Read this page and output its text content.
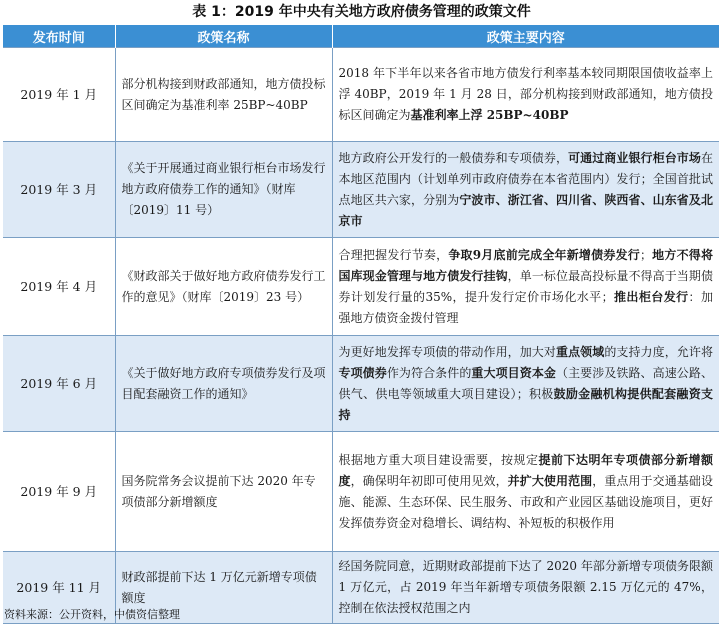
表 1：2019 年中央有关地方政府债务管理的政策文件
发布时间	政策名称	政策主要内容
2019 年 1 月	部分机构接到财政部通知，地方债投标区间确定为基准利率 25BP~40BP	2018 年下半年以来各省市地方债发行利率基本较同期限国债收益率上浮 40BP，2019 年 1 月 28 日，部分机构接到财政部通知，地方债投标区间确定为基准利率上浮 25BP~40BP
2019 年 3 月	《关于开展通过商业银行柜台市场发行地方政府债券工作的通知》（财库〔2019〕11 号）	地方政府公开发行的一般债券和专项债券，可通过商业银行柜台市场在本地区范围内（计划单列市政府债券在本省范围内）发行；全国首批试点地区共六家，分别为宁波市、浙江省、四川省、陕西省、山东省及北京市
2019 年 4 月	《财政部关于做好地方政府债券发行工作的意见》（财库〔2019〕23 号）	合理把握发行节奏，争取9月底前完成全年新增债券发行；地方不得将国库现金管理与地方债发行挂钩，单一标位最高投标量不得高于当期债券计划发行量的35%，提升发行定价市场化水平；推出柜台发行：加强地方债资金拨付管理
2019 年 6 月	《关于做好地方政府专项债券发行及项目配套融资工作的通知》	为更好地发挥专项债的带动作用，加大对重点领域的支持力度，允许将专项债券作为符合条件的重大项目资本金（主要涉及铁路、高速公路、供气、供电等领域重大项目建设）；积极鼓励金融机构提供配套融资支持
2019 年 9 月	国务院常务会议提前下达 2020 年专项债部分新增额度	根据地方重大项目建设需要，按规定提前下达明年专项债部分新增额度，确保明年初即可使用见效，并扩大使用范围，重点用于交通基础设施、能源、生态环保、民生服务、市政和产业园区基础设施项目，更好发挥债券资金对稳增长、调结构、补短板的积极作用
2019 年 11 月	财政部提前下达 1 万亿元新增专项债额度	经国务院同意，近期财政部提前下达了 2020 年部分新增专项债务限额 1 万亿元，占 2019 年当年新增专项债务限额 2.15 万亿元的 47%，控制在依法授权范围之内
资料来源：公开资料，中债资信整理
